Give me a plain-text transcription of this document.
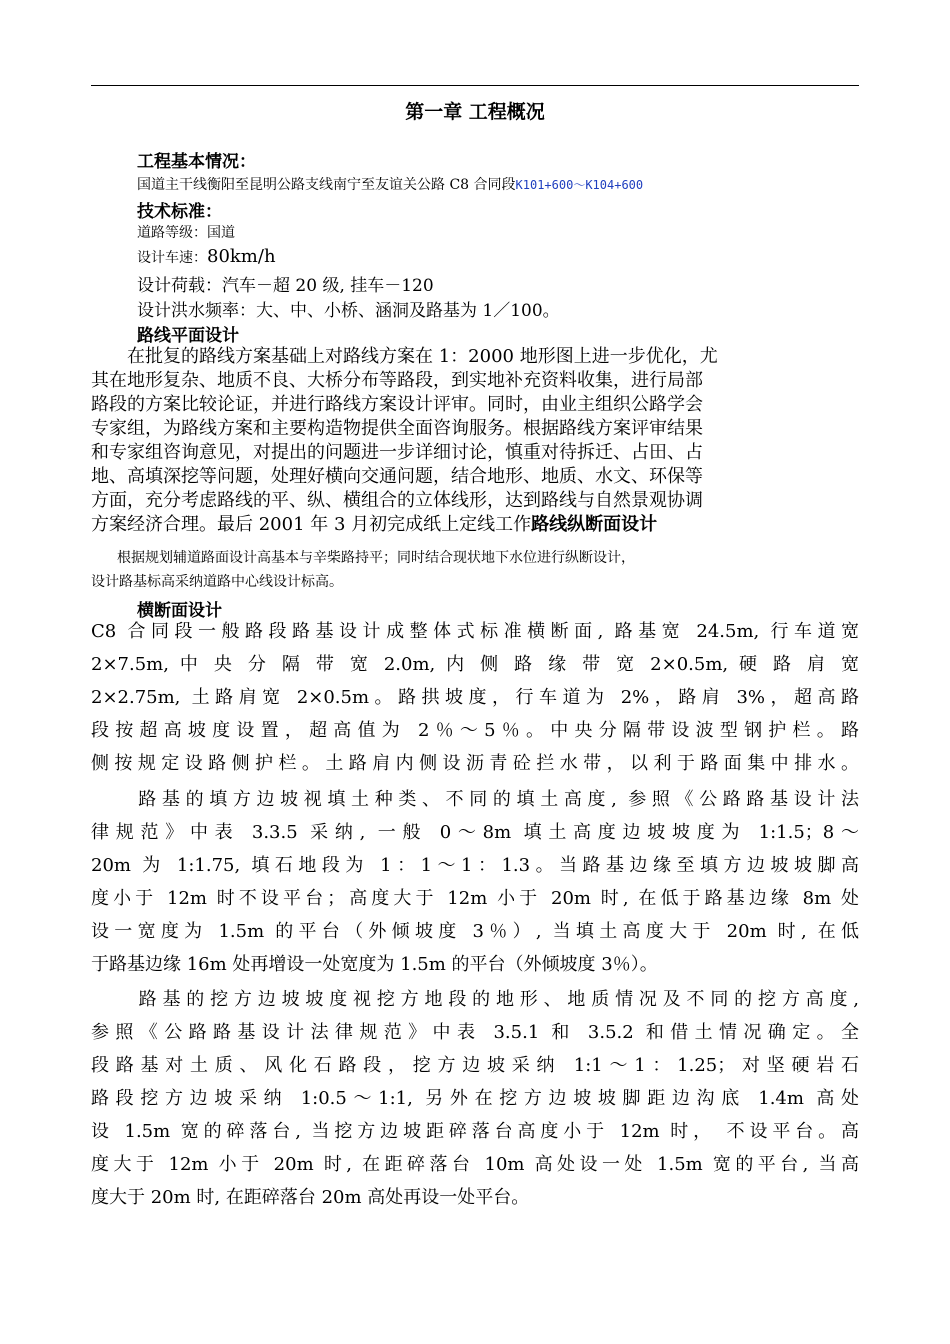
第一章 工程概况
工程基本情况：
国道主干线衡阳至昆明公路支线南宁至友谊关公路 C8 合同段K101+600～K104+600
技术标准：
道路等级：国道
设计车速：80km/h
设计荷载：汽车－超 20 级, 挂车－120
设计洪水频率：大、中、小桥、涵洞及路基为 1／100。
路线平面设计
　　在批复的路线方案基础上对路线方案在 1：2000 地形图上进一步优化，尤
其在地形复杂、地质不良、大桥分布等路段，到实地补充资料收集，进行局部
路段的方案比较论证，并进行路线方案设计评审。同时，由业主组织公路学会
专家组，为路线方案和主要构造物提供全面咨询服务。根据路线方案评审结果
和专家组咨询意见，对提出的问题进一步详细讨论，慎重对待拆迁、占田、占
地、高填深挖等问题，处理好横向交通问题，结合地形、地质、水文、环保等
方面，充分考虑路线的平、纵、横组合的立体线形，达到路线与自然景观协调
方案经济合理。最后 2001 年 3 月初完成纸上定线工作路线纵断面设计
根据规划辅道路面设计高基本与辛柴路持平；同时结合现状地下水位进行纵断设计，
设计路基标高采纳道路中心线设计标高。
横断面设计
C8 合同段一般路段路基设计成整体式标准横断面, 路基宽 24.5m, 行车道宽
2×7.5m, 中 央 分 隔 带 宽 2.0m, 内 侧 路 缘 带 宽 2×0.5m, 硬 路 肩 宽
2×2.75m, 土路肩宽 2×0.5m。路拱坡度，行车道为 2%，路肩 3%，超高路
段按超高坡度设置，超高值为 2％～5％。中央分隔带设波型钢护栏。路
侧按规定设路侧护栏。土路肩内侧设沥青砼拦水带，以利于路面集中排水。
　　路基的填方边坡视填土种类、不同的填土高度, 参照《公路路基设计法
律规范》中表 3.3.5 采纳, 一般 0～8m 填土高度边坡坡度为 1:1.5；8～
20m 为 1:1.75, 填石地段为 1：1～1：1.3。当路基边缘至填方边坡坡脚高
度小于 12m 时不设平台；高度大于 12m 小于 20m 时, 在低于路基边缘 8m 处
设一宽度为 1.5m 的平台（外倾坡度 3％）, 当填土高度大于 20m 时, 在低
于路基边缘 16m 处再增设一处宽度为 1.5m 的平台（外倾坡度 3％）。
　　路基的挖方边坡坡度视挖方地段的地形、地质情况及不同的挖方高度,
参照《公路路基设计法律规范》中表 3.5.1 和 3.5.2 和借土情况确定。全
段路基对土质、风化石路段，挖方边坡采纳 1:1～1：1.25；对坚硬岩石
路段挖方边坡采纳 1:0.5～1:1, 另外在挖方边坡坡脚距边沟底 1.4m 高处
设 1.5m 宽的碎落台, 当挖方边坡距碎落台高度小于 12m 时， 不设平台。高
度大于 12m 小于 20m 时, 在距碎落台 10m 高处设一处 1.5m 宽的平台, 当高
度大于 20m 时, 在距碎落台 20m 高处再设一处平台。
